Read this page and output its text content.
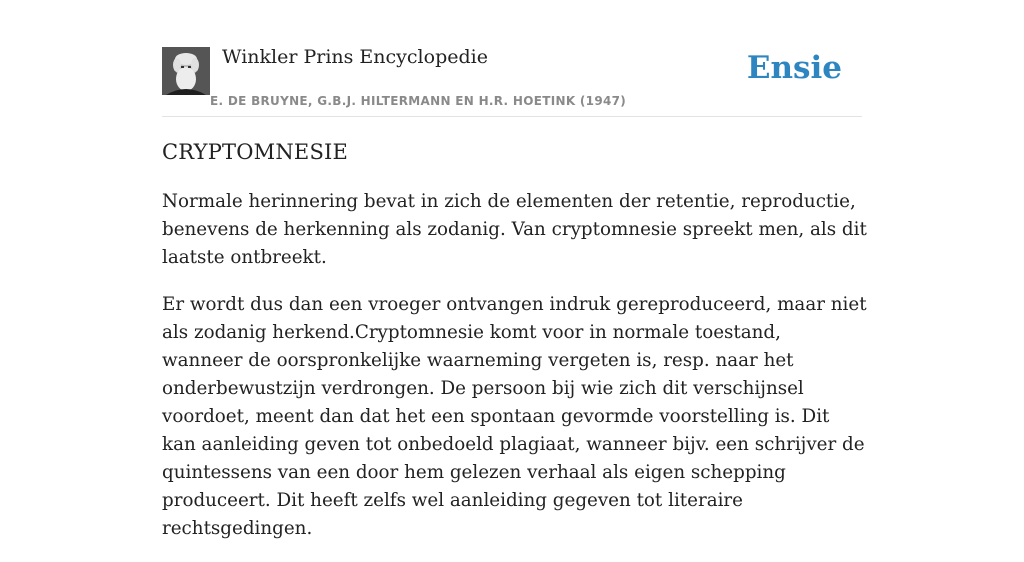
Winkler Prins Encyclopedie
E. DE BRUYNE, G.B.J. HILTERMANN EN H.R. HOETINK (1947)
Ensie
CRYPTOMNESIE

Normale herinnering bevat in zich de elementen der retentie, reproductie, benevens de herkenning als zodanig. Van cryptomnesie spreekt men, als dit laatste ontbreekt.

Er wordt dus dan een vroeger ontvangen indruk gereproduceerd, maar niet als zodanig herkend.Cryptomnesie komt voor in normale toestand, wanneer de oorspronkelijke waarneming vergeten is, resp. naar het onderbewustzijn verdrongen. De persoon bij wie zich dit verschijnsel voordoet, meent dan dat het een spontaan gevormde voorstelling is. Dit kan aanleiding geven tot onbedoeld plagiaat, wanneer bijv. een schrijver de quintessens van een door hem gelezen verhaal als eigen schepping produceert. Dit heeft zelfs wel aanleiding gegeven tot literaire rechtsgedingen.
